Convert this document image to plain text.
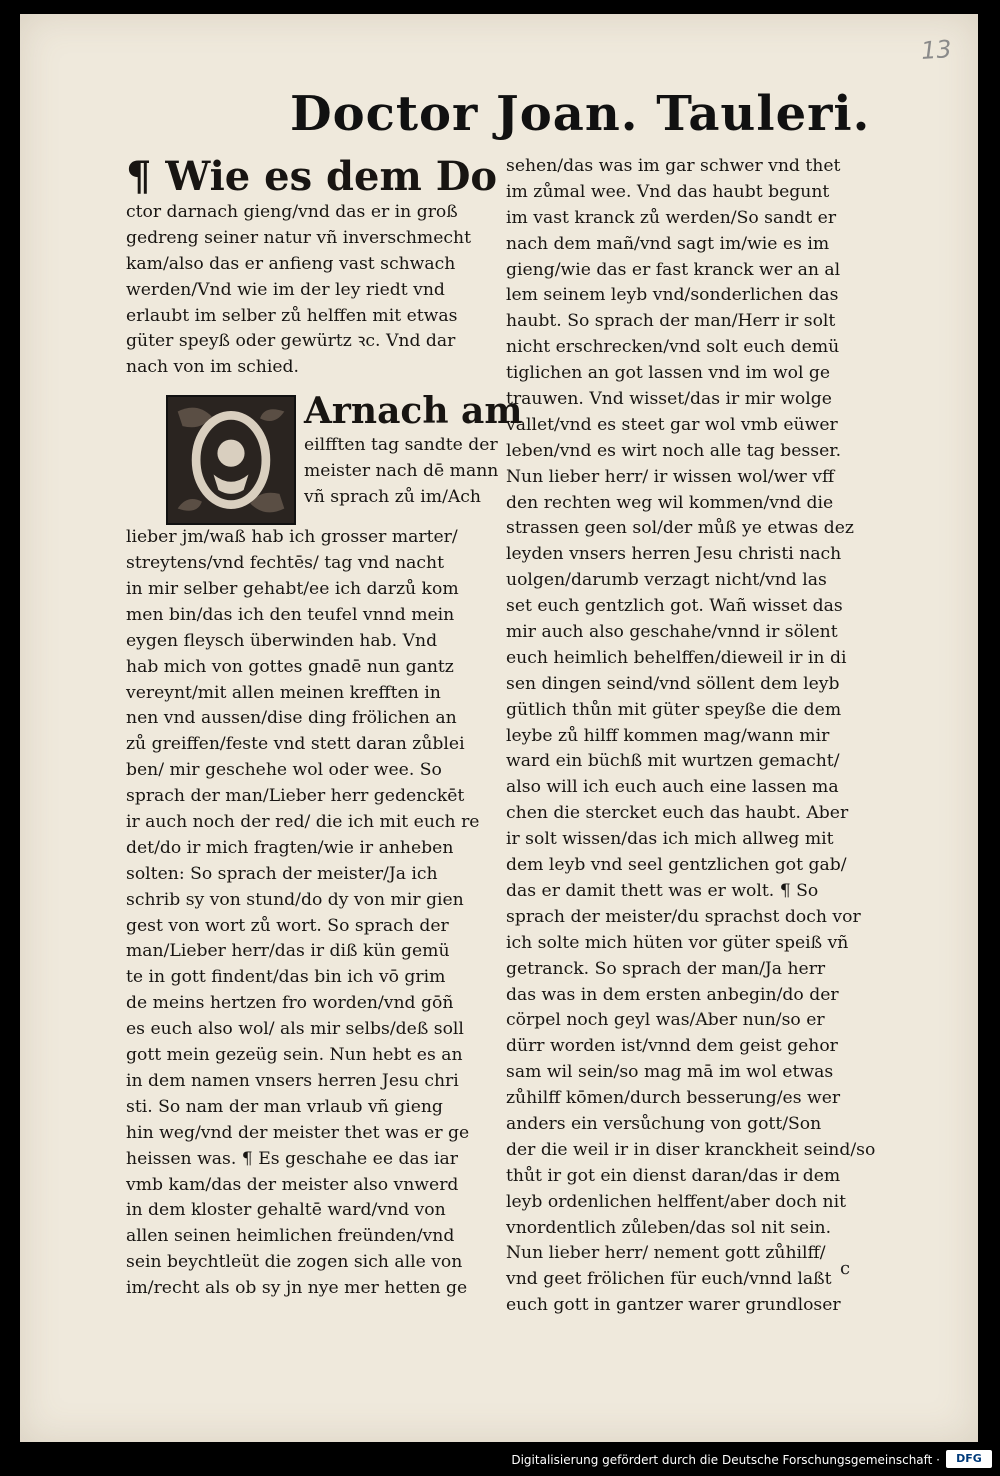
13
Doctor Joan. Tauleri.
¶ Wie es dem Do
ctor darnach gieng/vnd das er in groß
gedreng seiner natur vñ inverschmecht
kam/also das er anfieng vast schwach
werden/Vnd wie im der ley riedt vnd
erlaubt im selber zů helffen mit etwas
güter speyß oder gewürtz ꝛc. Vnd dar
nach von im schied.
Arnach am
eilfften tag sandte der
meister nach dē mann
vñ sprach zů im/Ach
lieber jm/waß hab ich grosser marter/
streytens/vnd fechtēs/ tag vnd nacht
in mir selber gehabt/ee ich darzů kom
men bin/das ich den teufel vnnd mein
eygen fleysch überwinden hab. Vnd
hab mich von gottes gnadē nun gantz
vereynt/mit allen meinen krefften in
nen vnd aussen/dise ding frölichen an
zů greiffen/feste vnd stett daran zůblei
ben/ mir geschehe wol oder wee. So
sprach der man/Lieber herr gedenckēt
ir auch noch der red/ die ich mit euch re
det/do ir mich fragten/wie ir anheben
solten: So sprach der meister/Ja ich
schrib sy von stund/do dy von mir gien
gest von wort zů wort. So sprach der
man/Lieber herr/das ir diß kün gemü
te in gott findent/das bin ich vō grim
de meins hertzen fro worden/vnd gōñ
es euch also wol/ als mir selbs/deß soll
gott mein gezeüg sein. Nun hebt es an
in dem namen vnsers herren Jesu chri
sti. So nam der man vrlaub vñ gieng
hin weg/vnd der meister thet was er ge
heissen was. ¶ Es geschahe ee das iar
vmb kam/das der meister also vnwerd
in dem kloster gehaltē ward/vnd von
allen seinen heimlichen freünden/vnd
sein beychtleüt die zogen sich alle von
im/recht als ob sy jn nye mer hetten ge
sehen/das was im gar schwer vnd thet
im zůmal wee. Vnd das haubt begunt
im vast kranck zů werden/So sandt er
nach dem mañ/vnd sagt im/wie es im
gieng/wie das er fast kranck wer an al
lem seinem leyb vnd/sonderlichen das
haubt. So sprach der man/Herr ir solt
nicht erschrecken/vnd solt euch demü
tiglichen an got lassen vnd im wol ge
trauwen. Vnd wisset/das ir mir wolge
vallet/vnd es steet gar wol vmb eüwer
leben/vnd es wirt noch alle tag besser.
Nun lieber herr/ ir wissen wol/wer vff
den rechten weg wil kommen/vnd die
strassen geen sol/der můß ye etwas dez
leyden vnsers herren Jesu christi nach
uolgen/darumb verzagt nicht/vnd las
set euch gentzlich got. Wañ wisset das
mir auch also geschahe/vnnd ir sölent
euch heimlich behelffen/dieweil ir in di
sen dingen seind/vnd söllent dem leyb
gütlich thůn mit güter speyße die dem
leybe zů hilff kommen mag/wann mir
ward ein büchß mit wurtzen gemacht/
also will ich euch auch eine lassen ma
chen die stercket euch das haubt. Aber
ir solt wissen/das ich mich allweg mit
dem leyb vnd seel gentzlichen got gab/
das er damit thett was er wolt. ¶ So
sprach der meister/du sprachst doch vor
ich solte mich hüten vor güter speiß vñ
getranck. So sprach der man/Ja herr
das was in dem ersten anbegin/do der
cörpel noch geyl was/Aber nun/so er
dürr worden ist/vnnd dem geist gehor
sam wil sein/so mag mā im wol etwas
zůhilff kōmen/durch besserung/es wer
anders ein versůchung von gott/Son
der die weil ir in diser kranckheit seind/so
thůt ir got ein dienst daran/das ir dem
leyb ordenlichen helffent/aber doch nit
vnordentlich zůleben/das sol nit sein.
Nun lieber herr/ nement gott zůhilff/
vnd geet frölichen für euch/vnnd laßt
euch gott in gantzer warer grundloser
c
Digitalisierung gefördert durch die Deutsche Forschungsgemeinschaft ·	DFG
